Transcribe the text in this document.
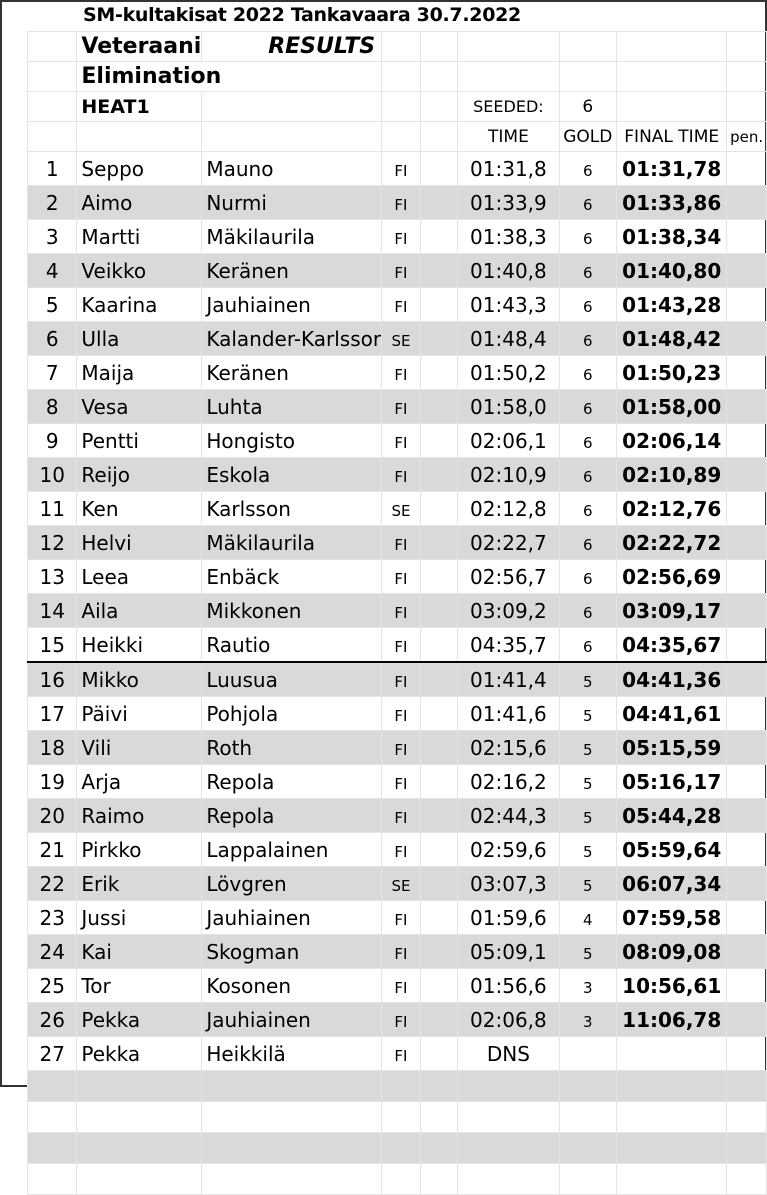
SM-kultakisat 2022 Tankavaara 30.7.2022
	Veteraani	RESULTS						
	Elimination							
	HEAT1				SEEDED:	6		
					TIME	GOLD	FINAL TIME	pen.
1	Seppo	Mauno	FI		01:31,8	6	01:31,78	
2	Aimo	Nurmi	FI		01:33,9	6	01:33,86	
3	Martti	Mäkilaurila	FI		01:38,3	6	01:38,34	
4	Veikko	Keränen	FI		01:40,8	6	01:40,80	
5	Kaarina	Jauhiainen	FI		01:43,3	6	01:43,28	
6	Ulla	Kalander-Karlssor	SE		01:48,4	6	01:48,42	
7	Maija	Keränen	FI		01:50,2	6	01:50,23	
8	Vesa	Luhta	FI		01:58,0	6	01:58,00	
9	Pentti	Hongisto	FI		02:06,1	6	02:06,14	
10	Reijo	Eskola	FI		02:10,9	6	02:10,89	
11	Ken	Karlsson	SE		02:12,8	6	02:12,76	
12	Helvi	Mäkilaurila	FI		02:22,7	6	02:22,72	
13	Leea	Enbäck	FI		02:56,7	6	02:56,69	
14	Aila	Mikkonen	FI		03:09,2	6	03:09,17	
15	Heikki	Rautio	FI		04:35,7	6	04:35,67	
16	Mikko	Luusua	FI		01:41,4	5	04:41,36	
17	Päivi	Pohjola	FI		01:41,6	5	04:41,61	
18	Vili	Roth	FI		02:15,6	5	05:15,59	
19	Arja	Repola	FI		02:16,2	5	05:16,17	
20	Raimo	Repola	FI		02:44,3	5	05:44,28	
21	Pirkko	Lappalainen	FI		02:59,6	5	05:59,64	
22	Erik	Lövgren	SE		03:07,3	5	06:07,34	
23	Jussi	Jauhiainen	FI		01:59,6	4	07:59,58	
24	Kai	Skogman	FI		05:09,1	5	08:09,08	
25	Tor	Kosonen	FI		01:56,6	3	10:56,61	
26	Pekka	Jauhiainen	FI		02:06,8	3	11:06,78	
27	Pekka	Heikkilä	FI		DNS			
